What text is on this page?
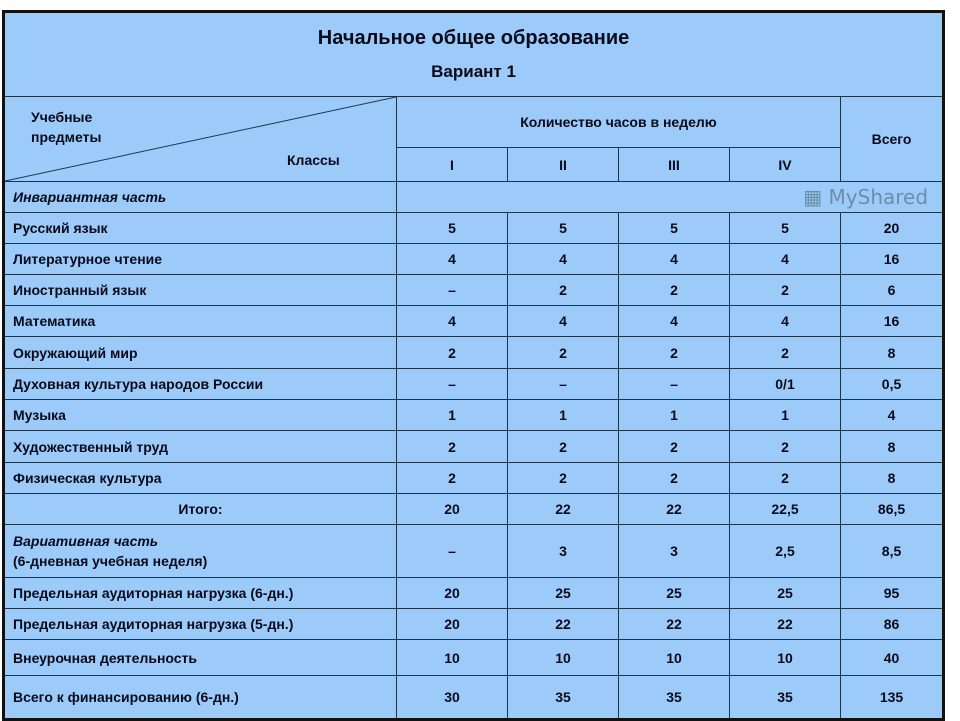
Начальное общее образование
Вариант 1					

Учебные предметы
Классы	Количество часов в неделю				Всего
	I	II	III	IV	
Инвариантная часть	▦ MyShared				

Русский язык	5	5	5	5	20
Литературное чтение	4	4	4	4	16
Иностранный язык	–	2	2	2	6
Математика	4	4	4	4	16
Окружающий мир	2	2	2	2	8
Духовная культура народов России	–	–	–	0/1	0,5
Музыка	1	1	1	1	4
Художественный труд	2	2	2	2	8
Физическая культура	2	2	2	2	8
Итого:	20	22	22	22,5	86,5

Вариативная часть
(6-дневная учебная неделя)	–	3	3	2,5	8,5
Предельная аудиторная нагрузка (6-дн.)	20	25	25	25	95
Предельная аудиторная нагрузка (5-дн.)	20	22	22	22	86
Внеурочная деятельность	10	10	10	10	40
Всего к финансированию (6-дн.)	30	35	35	35	135
